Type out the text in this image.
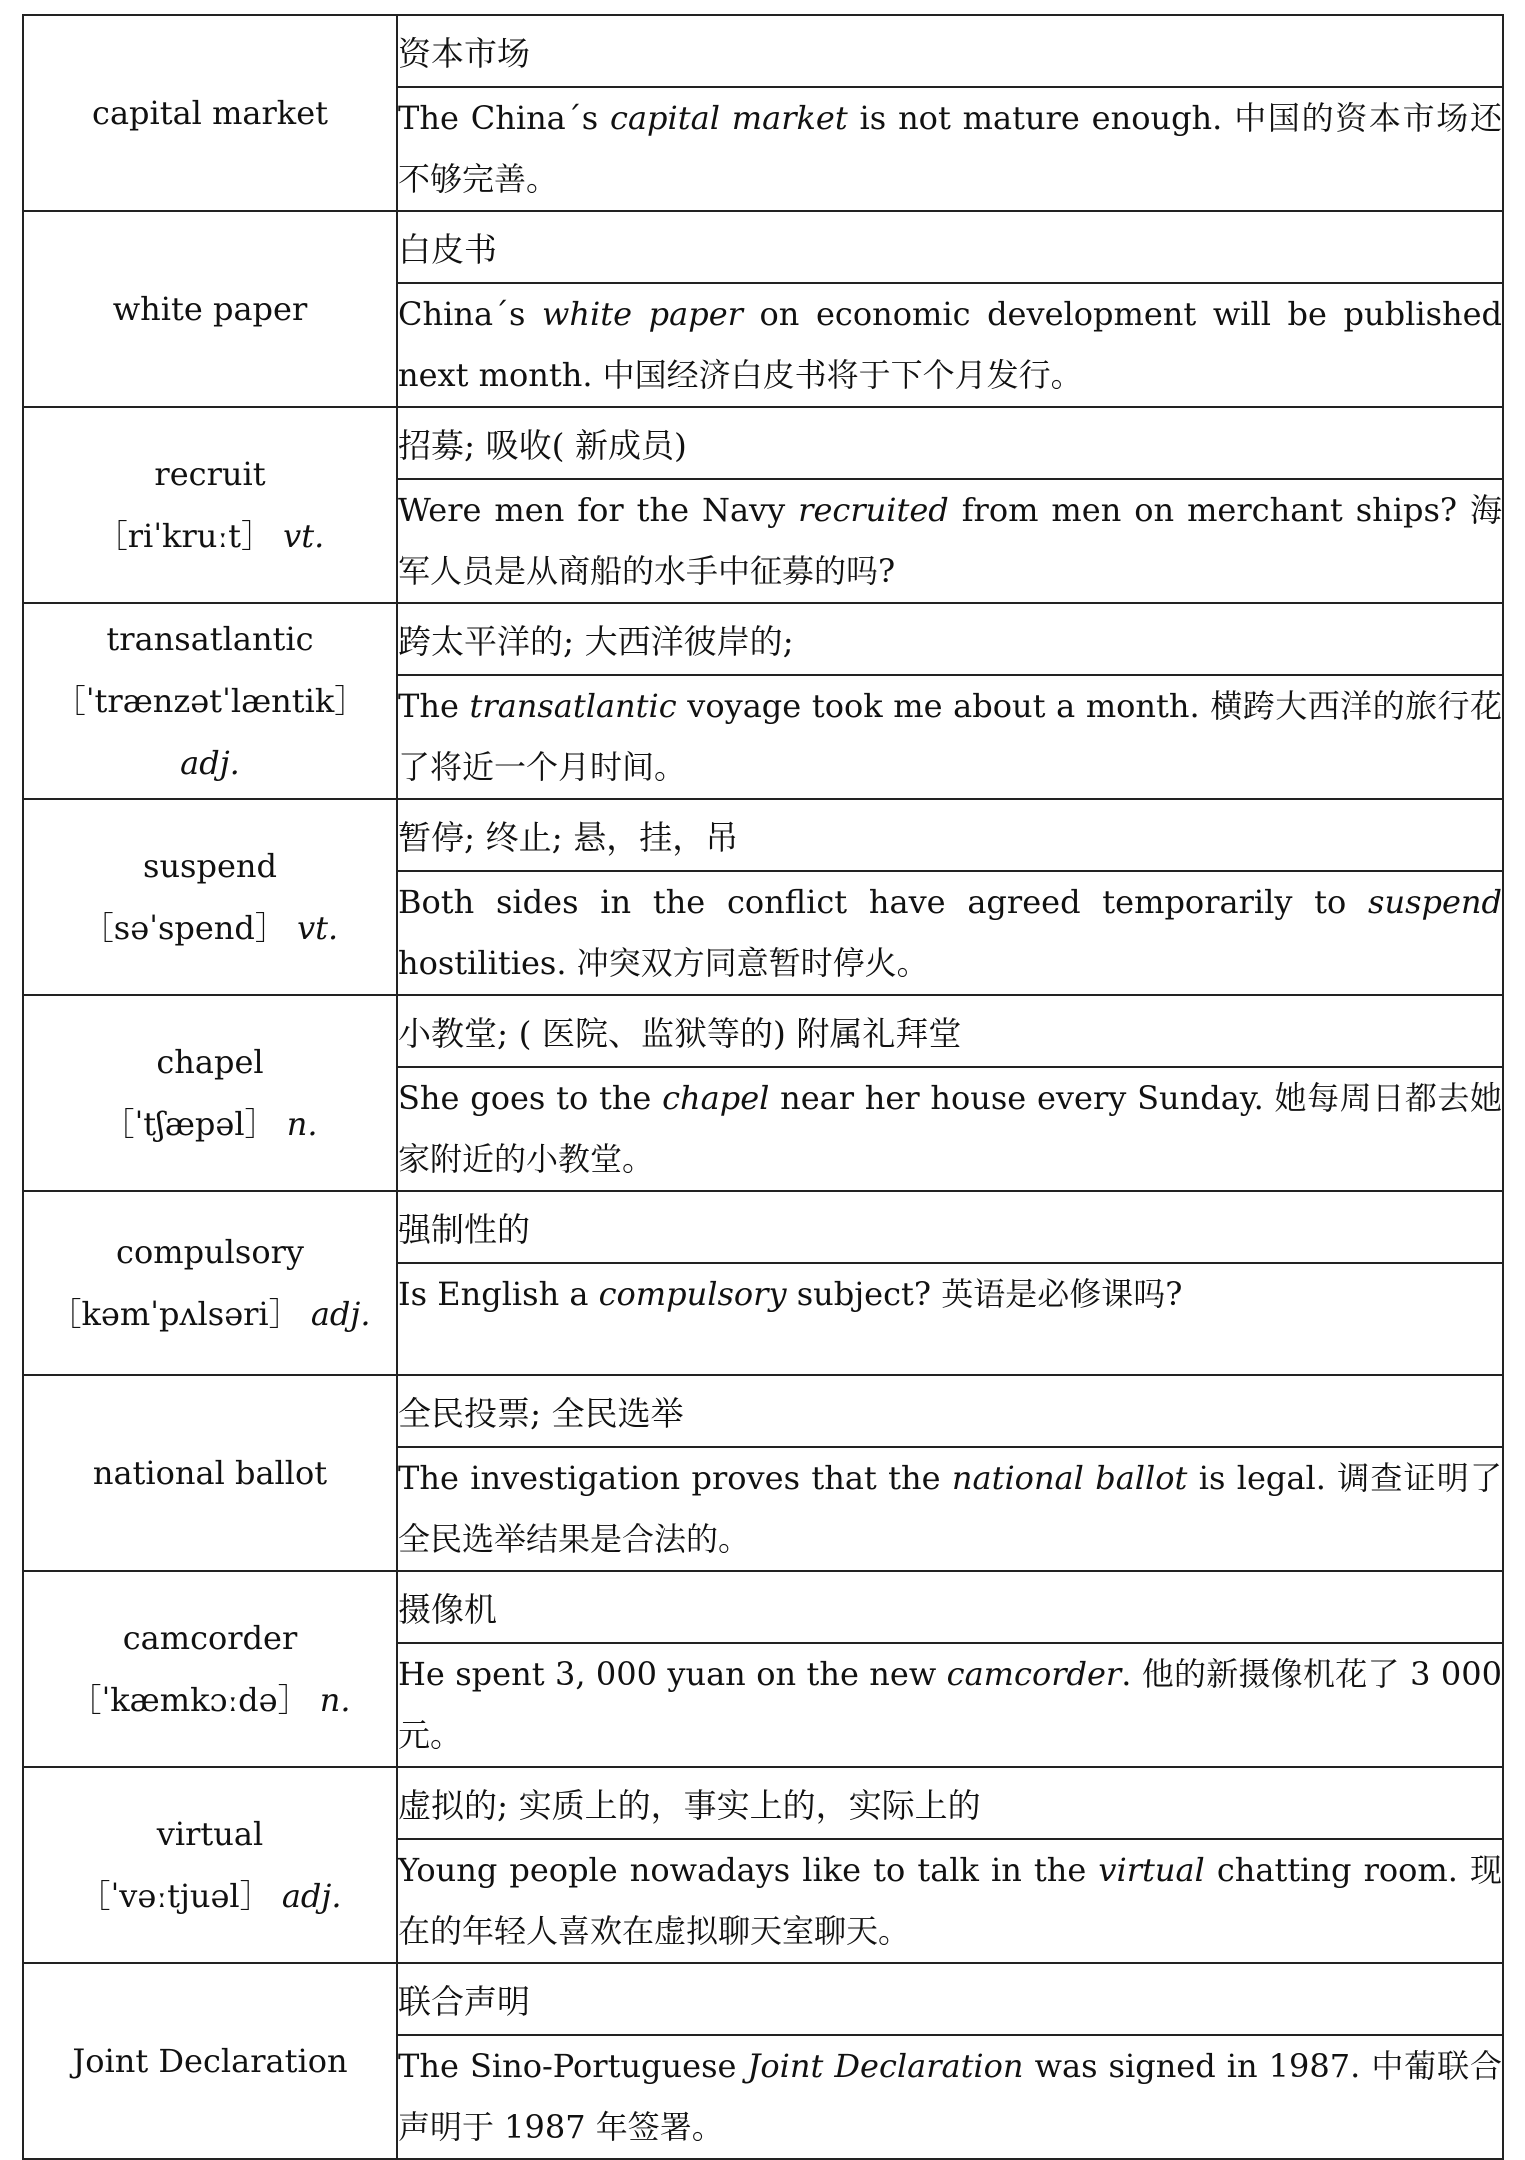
capital market	资本市场
	The China´s capital market is not mature enough. 中国的资本市场还不够完善。
white paper	白皮书
	China´s white paper on economic development will be published next month. 中国经济白皮书将于下个月发行。
recruit
［riˈkruːt］ vt.	招募; 吸收( 新成员)
	Were men for the Navy recruited from men on merchant ships? 海军人员是从商船的水手中征募的吗?
transatlantic
［ˈtrænzətˈlæntik］ adj.	跨太平洋的; 大西洋彼岸的;
	The transatlantic voyage took me about a month. 横跨大西洋的旅行花了将近一个月时间。
suspend
［səˈspend］ vt.	暂停; 终止; 悬，挂，吊
	Both sides in the conflict have agreed temporarily to suspend hostilities. 冲突双方同意暂时停火。
chapel
［ˈtʃæpəl］ n.	小教堂; ( 医院、监狱等的) 附属礼拜堂
	She goes to the chapel near her house every Sunday. 她每周日都去她家附近的小教堂。
compulsory
［kəmˈpʌlsəri］ adj.	强制性的
	Is English a compulsory subject? 英语是必修课吗?
national ballot	全民投票; 全民选举
	The investigation proves that the national ballot is legal. 调查证明了全民选举结果是合法的。
camcorder
［ˈkæmkɔːdə］ n.	摄像机
	He spent 3, 000 yuan on the new camcorder. 他的新摄像机花了 3 000 元。
virtual
［ˈvəːtjuəl］ adj.	虚拟的; 实质上的，事实上的，实际上的
	Young people nowadays like to talk in the virtual chatting room. 现在的年轻人喜欢在虚拟聊天室聊天。
Joint Declaration	联合声明
	The Sino-Portuguese Joint Declaration was signed in 1987. 中葡联合声明于 1987 年签署。
